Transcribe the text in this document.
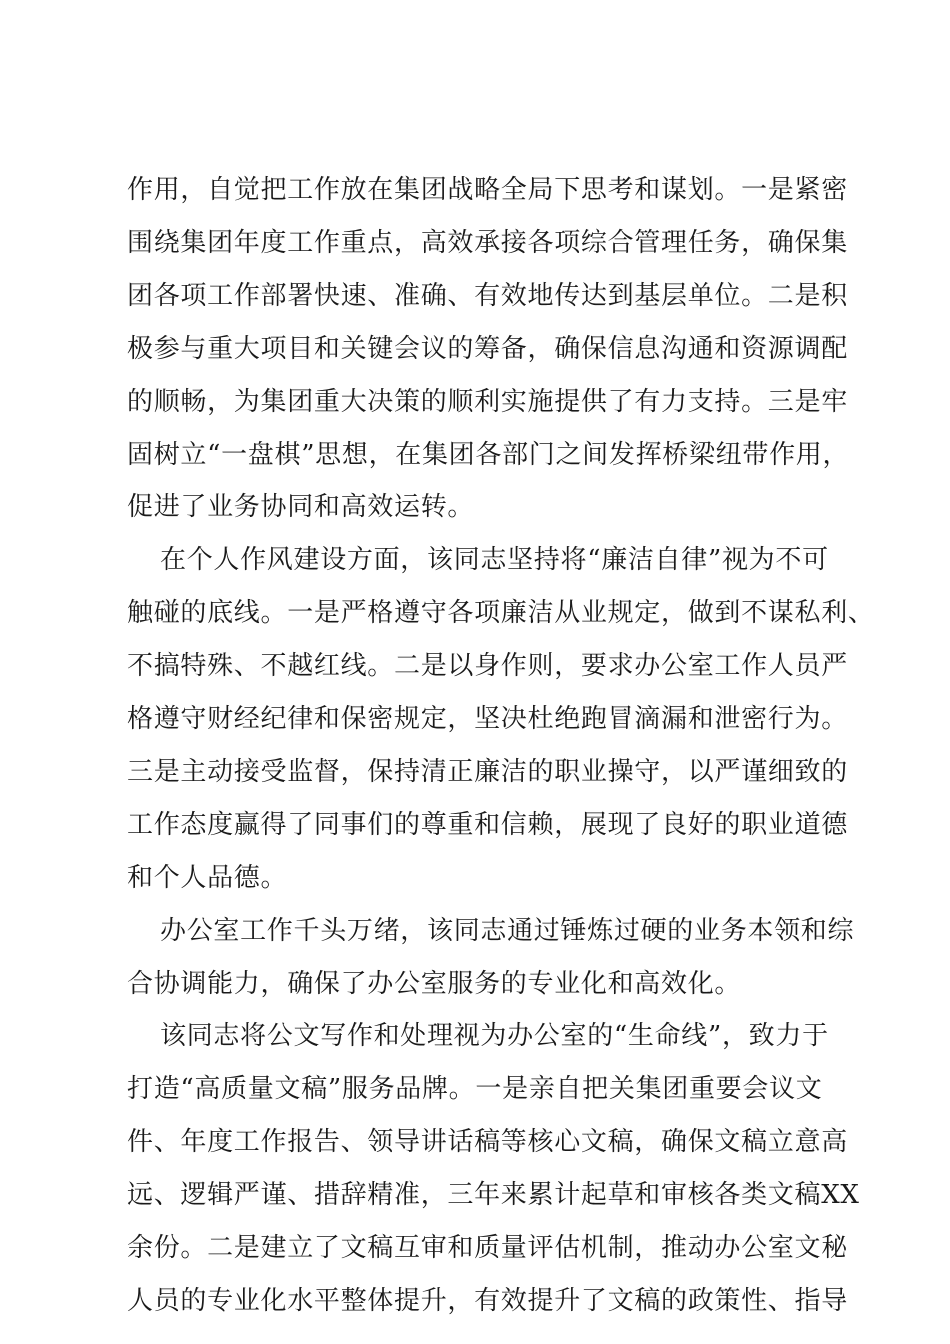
作用，自觉把工作放在集团战略全局下思考和谋划。一是紧密
围绕集团年度工作重点，高效承接各项综合管理任务，确保集
团各项工作部署快速、准确、有效地传达到基层单位。二是积
极参与重大项目和关键会议的筹备，确保信息沟通和资源调配
的顺畅，为集团重大决策的顺利实施提供了有力支持。三是牢
固树立“一盘棋”思想，在集团各部门之间发挥桥梁纽带作用，
促进了业务协同和高效运转。
在个人作风建设方面，该同志坚持将“廉洁自律”视为不可
触碰的底线。一是严格遵守各项廉洁从业规定，做到不谋私利、
不搞特殊、不越红线。二是以身作则，要求办公室工作人员严
格遵守财经纪律和保密规定，坚决杜绝跑冒滴漏和泄密行为。
三是主动接受监督，保持清正廉洁的职业操守，以严谨细致的
工作态度赢得了同事们的尊重和信赖，展现了良好的职业道德
和个人品德。
办公室工作千头万绪，该同志通过锤炼过硬的业务本领和综
合协调能力，确保了办公室服务的专业化和高效化。
该同志将公文写作和处理视为办公室的“生命线”，致力于
打造“高质量文稿”服务品牌。一是亲自把关集团重要会议文
件、年度工作报告、领导讲话稿等核心文稿，确保文稿立意高
远、逻辑严谨、措辞精准，三年来累计起草和审核各类文稿XX
余份。二是建立了文稿互审和质量评估机制，推动办公室文秘
人员的专业化水平整体提升，有效提升了文稿的政策性、指导
